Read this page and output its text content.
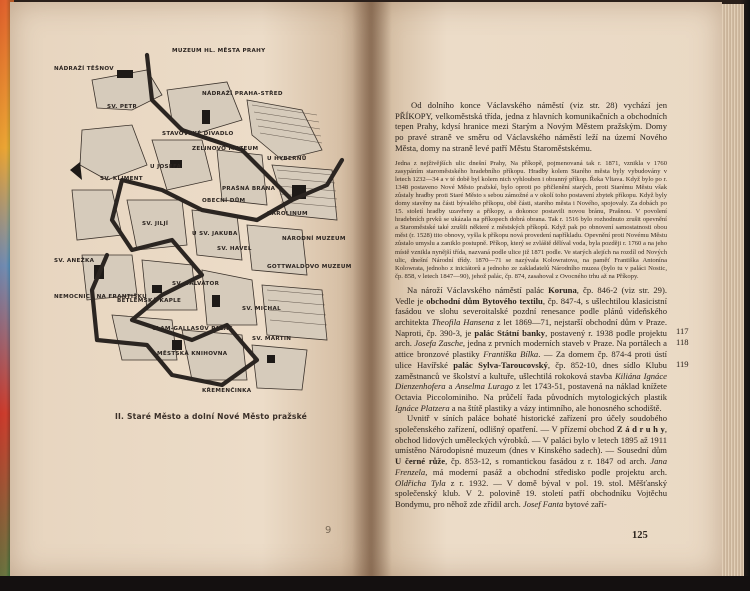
MUZEUM HL. MĚSTA PRAHY
NÁDRAŽÍ TĚŠNOV
SV. PETR
NÁDRAŽÍ PRAHA-STŘED
STAVOVSKÉ DIVADLO
ZELINOVO MUZEUM
U JOSEFA
U HYBERNŮ
PRAŠNÁ BRÁNA
OBECNÍ DŮM
SV. KLIMENT
SV. JILJÍ
U SV. JAKUBA
SV. HAVEL
KAROLINUM
NÁRODNÍ MUZEUM
SV. ANEŽKA
NEMOCNICE NA FRANTIŠKU
BETLÉMSKÁ KAPLE
CLAM-GALLASŮV PALÁC
MĚSTSKÁ KNIHOVNA
SV. SALVÁTOR
SV. MICHAL
GOTTWALDOVO MUZEUM
KŘEMENČINKA
SV. MARTIN
II. Staré Město a dolní Nové Město pražské
9

Od dolního konce Václavského náměstí (viz str. 28) vychází jen PŘÍKOPY, velkoměstská třída, jedna z hlavních komunikačních a obchodních tepen Prahy, kdysí hranice mezi Starým a Novým Městem pražským. Domy po pravé straně ve směru od Václavského náměstí leží na území Nového Města, domy na straně levé patří Městu Staroměstskému.

Jedna z nejživějších ulic dnešní Prahy, Na příkopě, pojmenovaná tak r. 1871, vznikla v 1760 zasypáním staroměstského hradebního příkopu. Hradby kolem Starého města byly vybudovány v letech 1232—34 a v té době byl kolem nich vyhlouben i obranný příkop. Řeka Vltava. Když bylo po r. 1348 postaveno Nové Město pražské, bylo oproti po přičlenění starých, proti Starému Městu však zůstaly hradby proti Staré Město s sebou zámožné a v okolí toho postavení zbytek příkopu. Když byly domy stavěny na části bývalého příkopu, obě části, starého města i Nového, spojovaly. Za dobách po 15. století hradby uzavřeny a příkopy, a dokonce postavili novou bránu, Prašnou. V povolení hradebních prvků se ukázala na příkopech dobrá obrana. Tak r. 1516 bylo rozhodnuto zrušit opevnění a Staroměstské také zrušili některé z městských příkopů. Když pak po obnovení samostatnosti obou měst (r. 1528) tito obnovy, vyšla k příkopu nová provedení napříkladu. Opevnění proti Novému Městu zůstalo umyslu a zaniklo postupně. Příkop, který se zvláště dělíval voda, byla později r. 1760 a na jeho místě vznikla nynější třída, nazvaná podle ulice již 1871 podle. Ve starých alejích na rozdíl od Nových ulic, dnešní Národní třídy. 1870—71 se nazývala Kolowratova, na paměť Františka Antonína Kolowrata, jednoho z iniciátorů a jednoho ze zakladatelů Národního muzea (bylo tu v paláci Nostic, čp. 858, v letech 1847—90), jehož palác, čp. 874, zasahoval z Ovocného trhu až na Příkopy.

Na nároží Václavského náměstí palác Koruna, čp. 846-2 (viz str. 29). Vedle je obchodní dům Bytového textilu, čp. 847-4, s ušlechtilou klasicistní fasádou ve slohu severoitalské pozdní renesance podle plánů vídeňského architekta Theofila Hansena z let 1869—71, nejstarší obchodní dům v Praze. Naproti, čp. 390-3, je palác Státní banky, postavený r. 1938 podle projektu arch. Josefa Zasche, jedna z prvních moderních staveb v Praze. Na portálech a attice bronzové plastiky Františka Bílka. — Za domem čp. 874-4 proti ústí ulice Havířské palác Sylva-Taroucovský, čp. 852-10, dnes sídlo Klubu zaměstnanců ve školství a kultuře, ušlechtilá rokoková stavba Kiliána Ignáce Dienzenhofera a Anselma Lurago z let 1743-51, postavená na náklad knížete Octavia Piccolominiho. Na průčelí řada původních mytologických plastik Ignáce Platzera a na štítě plastiky a vázy intimního, ale honosného schodiště.

Uvnitř v síních paláce bohaté historické zařízení pro účely soudobého společenského zařízení, odlišný opatření. — V přízemí obchod Z á d r u h y, obchod lidových uměleckých výrobků. — V paláci bylo v letech 1895 až 1911 umístěno Národopisné muzeum (dnes v Kinského sadech). — Sousední dům U černé růže, čp. 853-12, s romantickou fasádou z r. 1847 od arch. Jana Frenzela, má moderní pasáž a obchodní středisko podle projektu arch. Oldřicha Tyla z r. 1932. — V domě býval v pol. 19. stol. Měšťanský společenský klub. V 2. polovině 19. století patří obchodníku Vojtěchu Bondymu, pro něhož zde zřídil arch. Josef Fanta bytové zaří-

117
118
119
125
